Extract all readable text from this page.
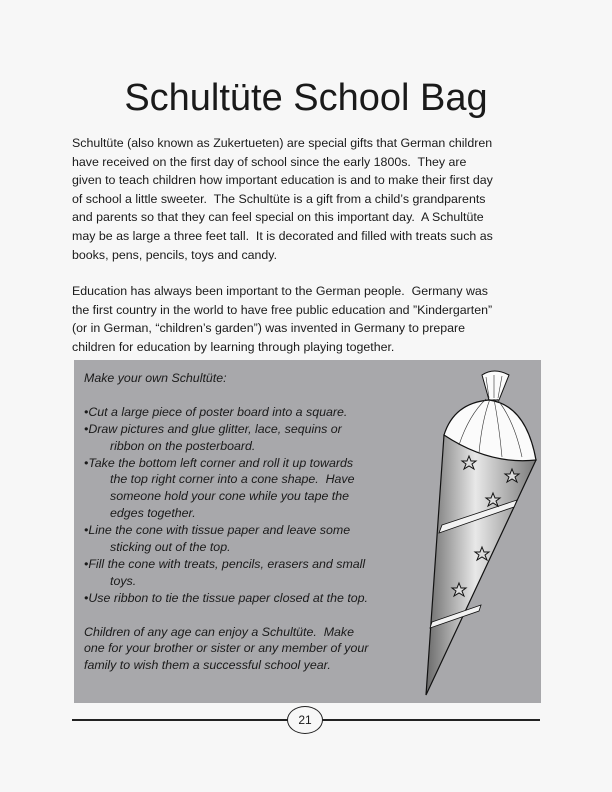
Schultüte School Bag

Schultüte (also known as Zukertueten) are special gifts that German children
have received on the first day of school since the early 1800s.  They are
given to teach children how important education is and to make their first day
of school a little sweeter.  The Schultüte is a gift from a child’s grandparents
and parents so that they can feel special on this important day.  A Schultüte
may be as large a three feet tall.  It is decorated and filled with treats such as
books, pens, pencils, toys and candy.

Education has always been important to the German people.  Germany was
the first country in the world to have free public education and ”Kindergarten”
(or in German, “children’s garden”) was invented in Germany to prepare
children for education by learning through playing together.

Make your own Schultüte:

•Cut a large piece of poster board into a square.

•Draw pictures and glue glitter, lace, sequins or
ribbon on the posterboard.

•Take the bottom left corner and roll it up towards
the top right corner into a cone shape.  Have
someone hold your cone while you tape the
edges together.

•Line the cone with tissue paper and leave some
sticking out of the top.

•Fill the cone with treats, pencils, erasers and small
toys.

•Use ribbon to tie the tissue paper closed at the top.

Children of any age can enjoy a Schultüte.  Make
one for your brother or sister or any member of your
family to wish them a successful school year.

21
